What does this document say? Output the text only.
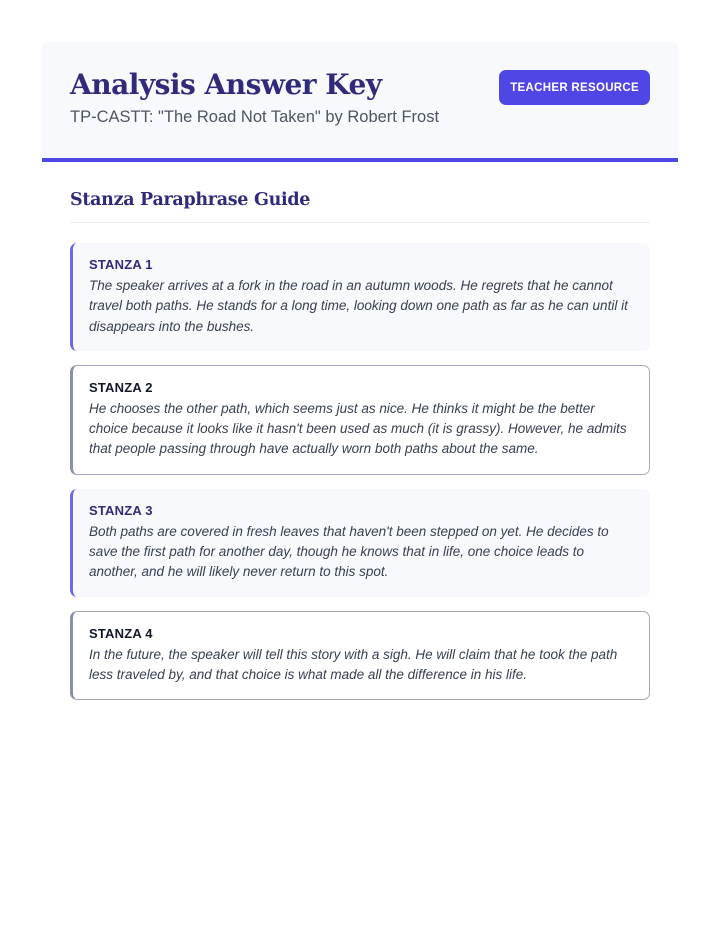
Analysis Answer Key
TP-CASTT: "The Road Not Taken" by Robert Frost
TEACHER RESOURCE
Stanza Paraphrase Guide
STANZA 1
The speaker arrives at a fork in the road in an autumn woods. He regrets that he cannot travel both paths. He stands for a long time, looking down one path as far as he can until it disappears into the bushes.
STANZA 2
He chooses the other path, which seems just as nice. He thinks it might be the better choice because it looks like it hasn't been used as much (it is grassy). However, he admits that people passing through have actually worn both paths about the same.
STANZA 3
Both paths are covered in fresh leaves that haven't been stepped on yet. He decides to save the first path for another day, though he knows that in life, one choice leads to another, and he will likely never return to this spot.
STANZA 4
In the future, the speaker will tell this story with a sigh. He will claim that he took the path less traveled by, and that choice is what made all the difference in his life.
